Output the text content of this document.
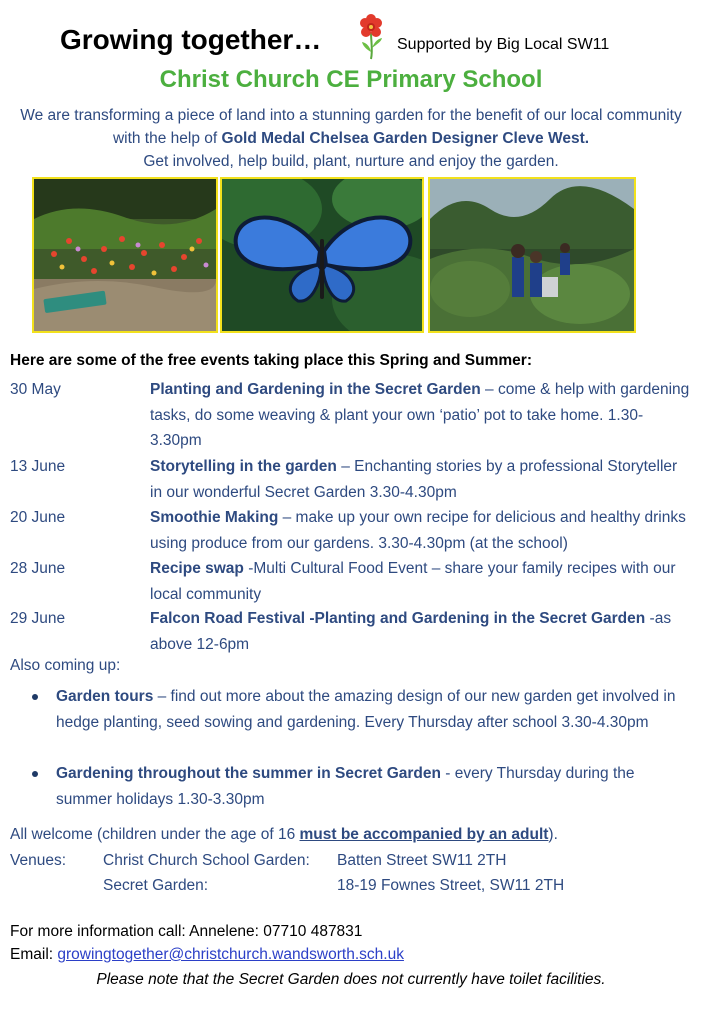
Growing together…	Supported by Big Local SW11
Christ Church CE Primary School
We are transforming a piece of land into a stunning garden for the benefit of our local community with the help of Gold Medal Chelsea Garden Designer Cleve West.
Get involved, help build, plant, nurture and enjoy the garden.
Here are some of the free events taking place this Spring and Summer:
30 May	Planting and Gardening in the Secret Garden – come & help with gardening tasks, do some weaving & plant your own ‘patio’ pot to take home. 1.30-3.30pm
13 June	Storytelling in the garden – Enchanting stories by a professional Storyteller in our wonderful Secret Garden 3.30-4.30pm
20 June	Smoothie Making – make up your own recipe for delicious and healthy drinks using produce from our gardens. 3.30-4.30pm (at the school)
28 June	Recipe swap -Multi Cultural Food Event – share your family recipes with our local community
29 June	Falcon Road Festival -Planting and Gardening in the Secret Garden -as above 12-6pm
Also coming up:
Garden tours – find out more about the amazing design of our new garden get involved in hedge planting, seed sowing and gardening. Every Thursday after school 3.30-4.30pm
Gardening throughout the summer in Secret Garden - every Thursday during the summer holidays 1.30-3.30pm
All welcome (children under the age of 16 must be accompanied by an adult).
Venues: Christ Church School Garden: Batten Street SW11 2TH
Secret Garden:	18-19 Fownes Street, SW11 2TH
For more information call: Annelene: 07710 487831
Email: growingtogether@christchurch.wandsworth.sch.uk
Please note that the Secret Garden does not currently have toilet facilities.
